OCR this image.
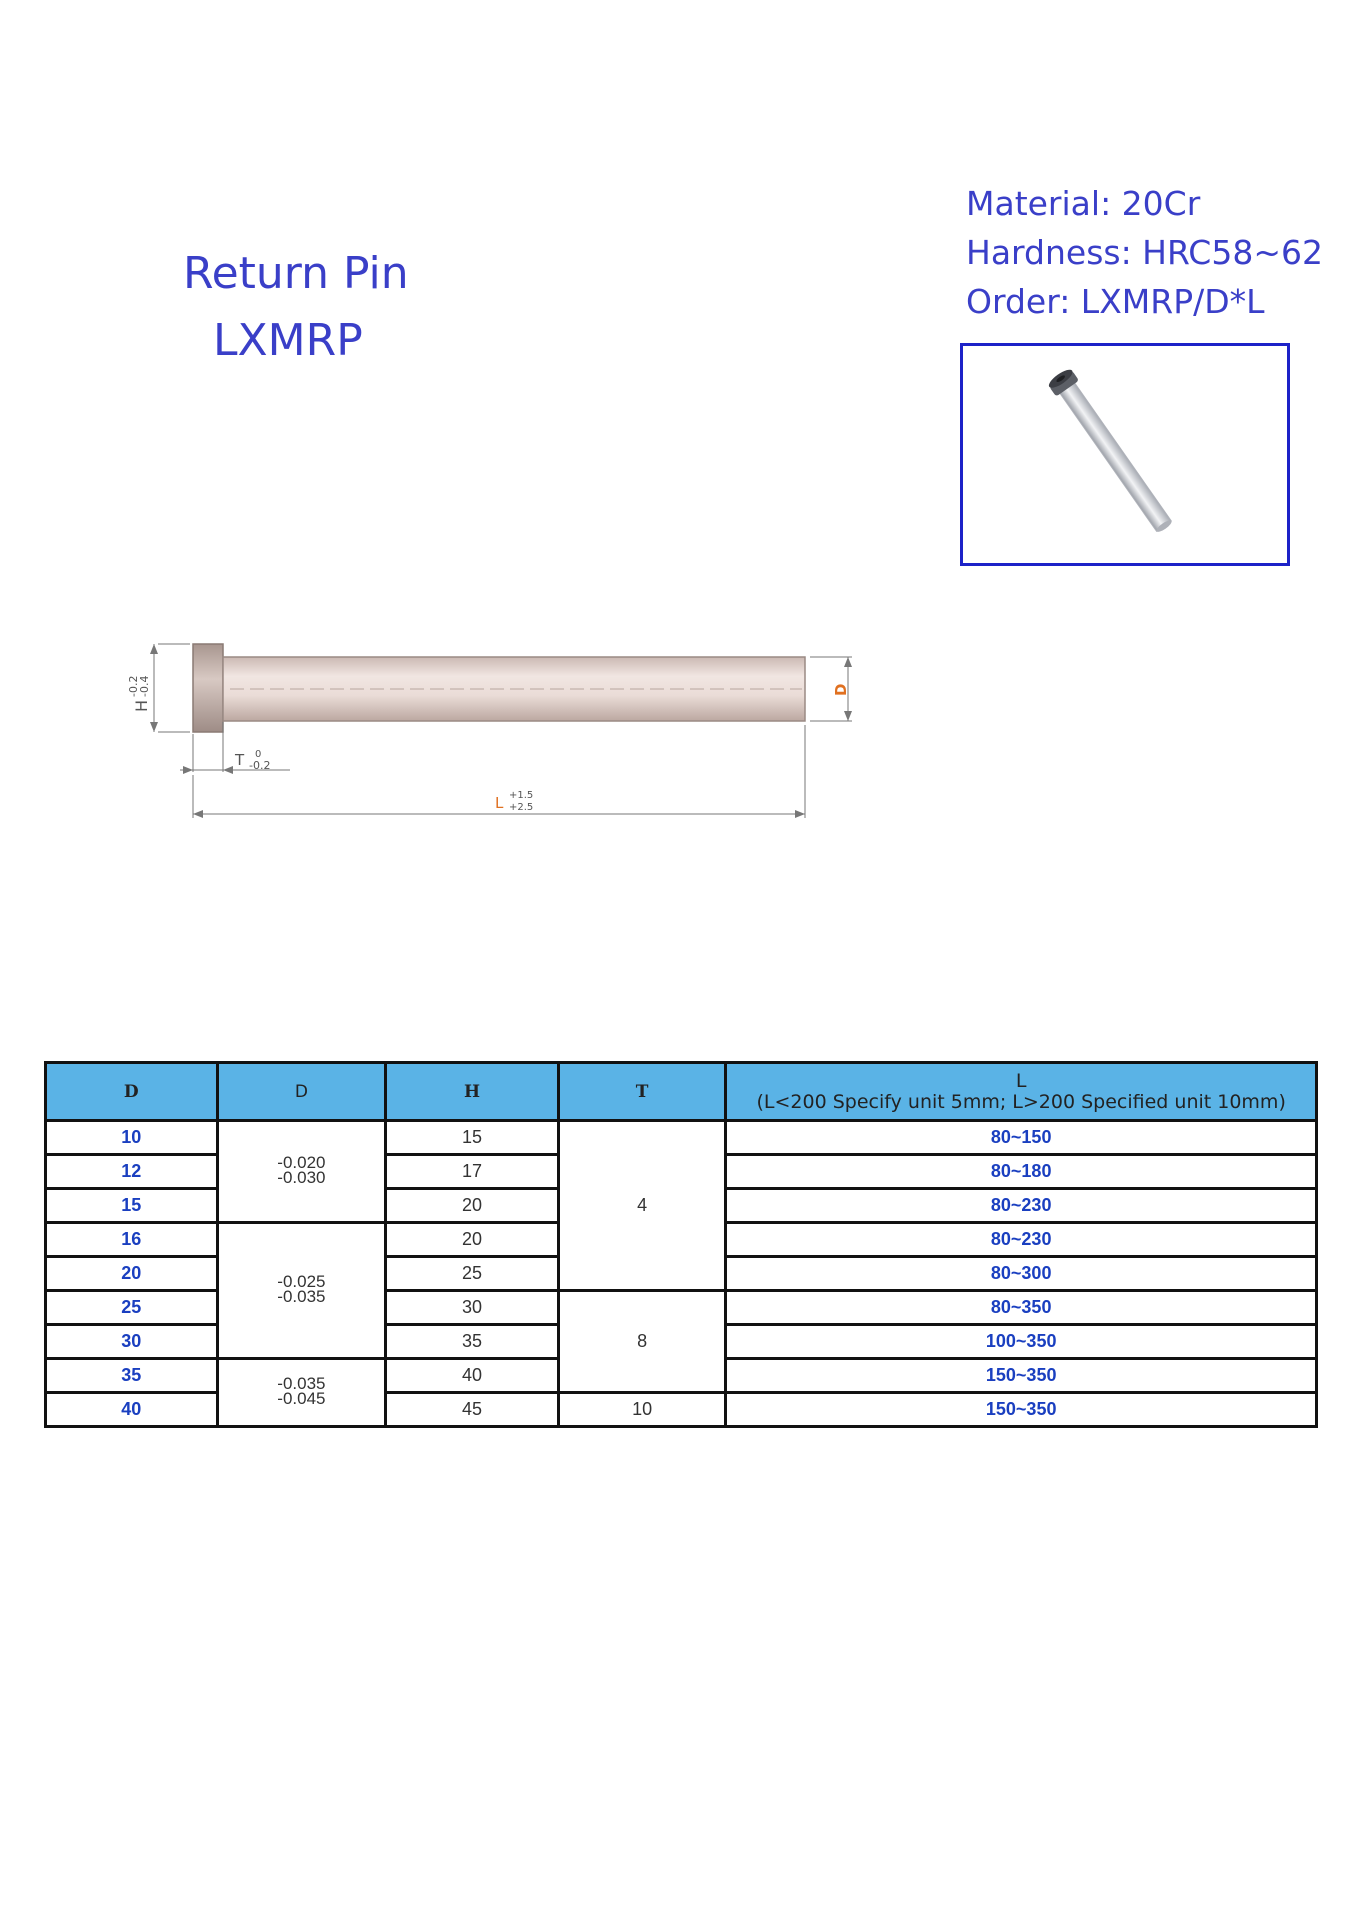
Return Pin
LXMRP
Material: 20Cr
Hardness: HRC58~62
Order: LXMRP/D*L
H
-0.2
-0.4	D
T 0
-0.2
L +1.5
+2.5
D	D	H	T	L
(L<200 Specify unit 5mm; L>200 Specified unit 10mm)

10	-0.020
-0.030	15	4	80~150
12		17		80~180
15		20		80~230
16	-0.025
-0.035	20		80~230
20		25		80~300
25		30	8	80~350
30		35		100~350
35	-0.035
-0.045	40		150~350
40		45	10	150~350
